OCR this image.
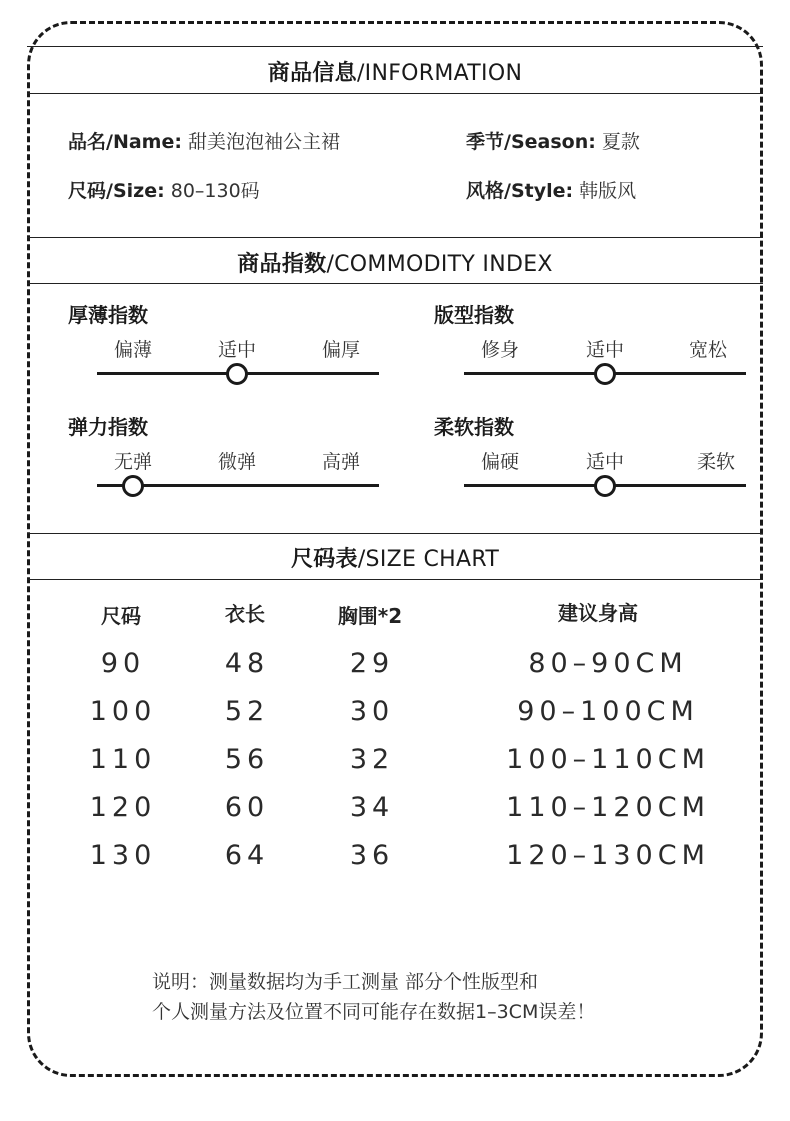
商品信息/INFORMATION
品名/Name: 甜美泡泡袖公主裙	季节/Season: 夏款
尺码/Size: 80–130码	风格/Style: 韩版风
商品指数/COMMODITY INDEX
厚薄指数
偏薄	适中	偏厚
版型指数
修身	适中	宽松
弹力指数
无弹	微弹	高弹
柔软指数
偏硬	适中	柔软
尺码表/SIZE CHART
尺码	衣长	胸围*2	建议身高
90	48	29	80–90CM
100	52	30	90–100CM
110	56	32	100–110CM
120	60	34	110–120CM
130	64	36	120–130CM
说明：测量数据均为手工测量 部分个性版型和
个人测量方法及位置不同可能存在数据1–3CM误差！
